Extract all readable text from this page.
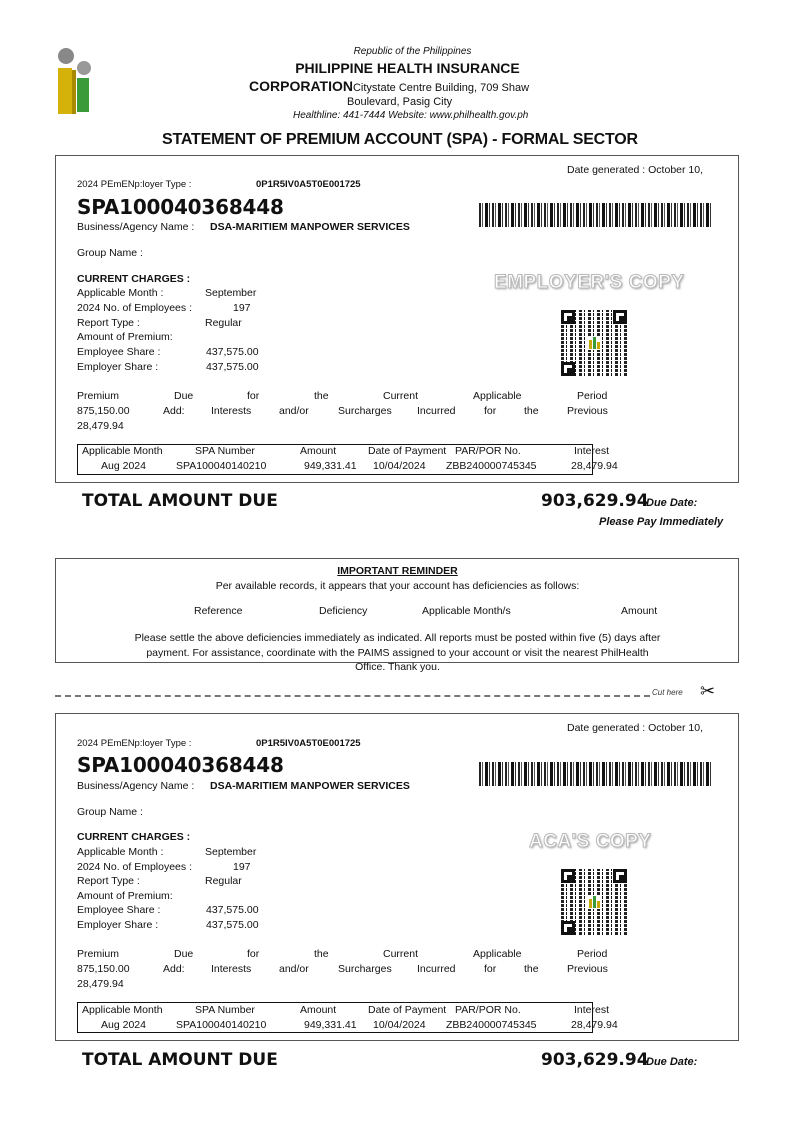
Republic of the Philippines
PHILIPPINE HEALTH INSURANCE
CORPORATIONCitystate Centre Building, 709 Shaw
Boulevard, Pasig City
Healthline: 441-7444 Website: www.philhealth.gov.ph
STATEMENT OF PREMIUM ACCOUNT (SPA) - FORMAL SECTOR
Date generated : October 10,
2024 PEmENp:loyer Type :	0P1R5IV0A5T0E001725
SPA100040368448
Business/Agency Name : DSA-MARITIEM MANPOWER SERVICES
Group Name :
EMPLOYER'S COPY
CURRENT CHARGES :
Applicable Month :	September
2024 No. of Employees :	197
Report Type :	Regular
Amount of Premium:
Employee Share :	437,575.00
Employer Share :	437,575.00
Premium	Due	for	the	Current	Applicable	Period
875,150.00	Add:	Interests	and/or	Surcharges Incurred	for	the	Previous
28,479.94
Applicable Month	SPA Number	Amount	Date of Payment PAR/POR No.	Interest
Aug 2024	SPA100040140210	949,331.41 10/04/2024 ZBB240000745345	28,479.94
TOTAL AMOUNT DUE	903,629.94
Due Date:
Please Pay Immediately
IMPORTANT REMINDER
Per available records, it appears that your account has deficiencies as follows:
Reference	Deficiency	Applicable Month/s	Amount
Please settle the above deficiencies immediately as indicated. All reports must be posted within five (5) days after
payment. For assistance, coordinate with the PAIMS assigned to your account or visit the nearest PhilHealth
Office. Thank you.
Cut here ✂
Date generated : October 10,
2024 PEmENp:loyer Type :	0P1R5IV0A5T0E001725
SPA100040368448
Business/Agency Name : DSA-MARITIEM MANPOWER SERVICES
Group Name :
ACA'S COPY
CURRENT CHARGES :
Applicable Month :	September
2024 No. of Employees :	197
Report Type :	Regular
Amount of Premium:
Employee Share :	437,575.00
Employer Share :	437,575.00
Premium	Due	for	the	Current	Applicable	Period
875,150.00	Add:	Interests	and/or	Surcharges Incurred	for	the	Previous
28,479.94
Applicable Month	SPA Number	Amount	Date of Payment PAR/POR No.	Interest
Aug 2024	SPA100040140210	949,331.41 10/04/2024 ZBB240000745345	28,479.94
TOTAL AMOUNT DUE	903,629.94
Due Date:
